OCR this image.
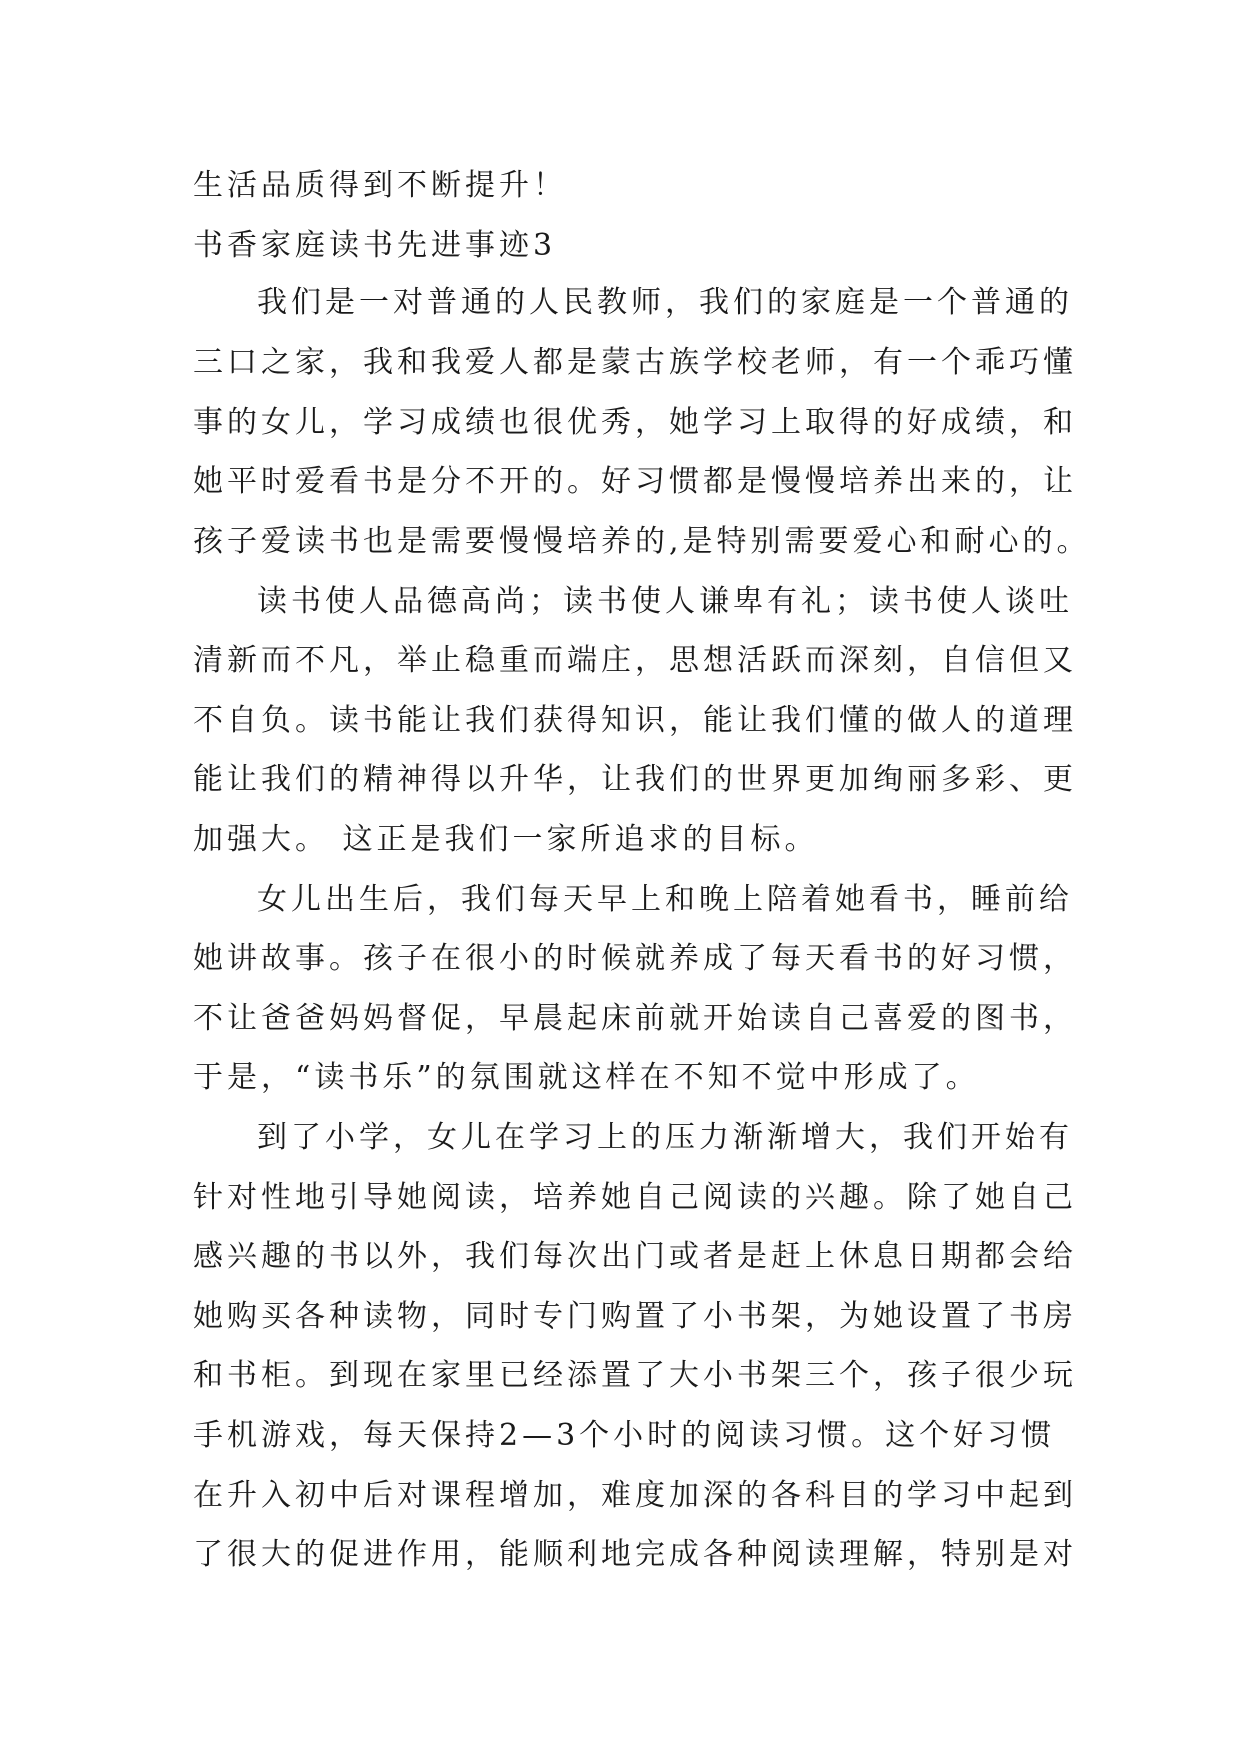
生活品质得到不断提升！
书香家庭读书先进事迹3
我们是一对普通的人民教师，我们的家庭是一个普通的
三口之家，我和我爱人都是蒙古族学校老师，有一个乖巧懂
事的女儿，学习成绩也很优秀，她学习上取得的好成绩，和
她平时爱看书是分不开的。好习惯都是慢慢培养出来的，让
孩子爱读书也是需要慢慢培养的,是特别需要爱心和耐心的。
读书使人品德高尚；读书使人谦卑有礼；读书使人谈吐
清新而不凡，举止稳重而端庄，思想活跃而深刻，自信但又
不自负。读书能让我们获得知识，能让我们懂的做人的道理
能让我们的精神得以升华，让我们的世界更加绚丽多彩、更
加强大。 这正是我们一家所追求的目标。
女儿出生后，我们每天早上和晚上陪着她看书，睡前给
她讲故事。孩子在很小的时候就养成了每天看书的好习惯，
不让爸爸妈妈督促，早晨起床前就开始读自己喜爱的图书，
于是，“读书乐”的氛围就这样在不知不觉中形成了。
到了小学，女儿在学习上的压力渐渐增大，我们开始有
针对性地引导她阅读，培养她自己阅读的兴趣。除了她自己
感兴趣的书以外，我们每次出门或者是赶上休息日期都会给
她购买各种读物，同时专门购置了小书架，为她设置了书房
和书柜。到现在家里已经添置了大小书架三个，孩子很少玩
手机游戏，每天保持2—3个小时的阅读习惯。这个好习惯
在升入初中后对课程增加，难度加深的各科目的学习中起到
了很大的促进作用，能顺利地完成各种阅读理解，特别是对
